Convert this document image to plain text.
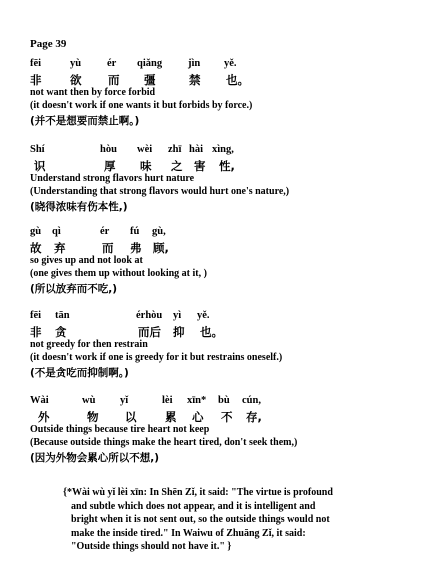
Page 39
fēi	yù ér qiǎng jìn yě.
非 欲 而 彊	禁 也。
not want then by force forbid
(it doesn't work if one wants it but forbids by force.)
(并不是想要而禁止啊。)
Shí	hòu wèi zhī hài xìng,
识	厚 味 之 害 性,
Understand strong flavors hurt nature
(Understanding that strong flavors would hurt one's nature,)
(晓得浓味有伤本性,)
gù qì	ér fú gù,
故 弃	而 弗 顾,
so gives up and not look at
(one gives them up without looking at it, )
(所以放弃而不吃,)
fēi tān	érhòu yì yě.
非 贪	而后 抑 也。
not greedy for then restrain
(it doesn't work if one is greedy for it but restrains oneself.)
(不是贪吃而抑制啊。)
Wài	wù yǐ	lèi xīn* bù cún,
外	物 以 累 心 不 存,
Outside things because tire heart not keep
(Because outside things make the heart tired, don't seek them,)
(因为外物会累心所以不想,)

{*Wài wù yǐ lèi xīn: In Shēn Zǐ, it said: "The virtue is profound

and subtle which does not appear, and it is intelligent and

bright when it is not sent out, so the outside things would not

make the inside tired." In Waiwu of Zhuāng Zǐ, it said:

"Outside things should not have it." }
